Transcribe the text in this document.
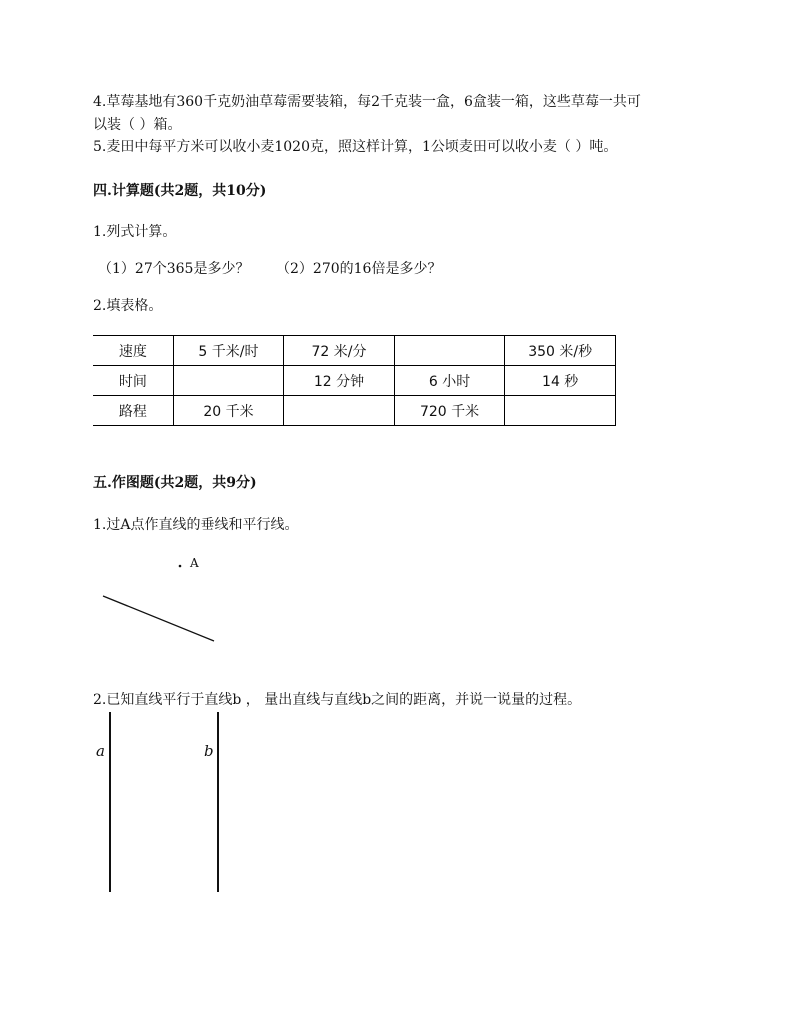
4.草莓基地有360千克奶油草莓需要装箱，每2千克装一盒，6盒装一箱，这些草莓一共可
以装（ ）箱。
5.麦田中每平方米可以收小麦1020克，照这样计算，1公顷麦田可以收小麦（ ）吨。
四.计算题(共2题，共10分)
1.列式计算。
（1）27个365是多少？ （2）270的16倍是多少？
2.填表格。
速度	5 千米/时	72 米/分		350 米/秒
时间		12 分钟	6 小时	14 秒
路程	20 千米		720 千米	
五.作图题(共2题，共9分)
1.过A点作直线的垂线和平行线。
A
2.已知直线平行于直线b ， 量出直线与直线b之间的距离，并说一说量的过程。
a	b
